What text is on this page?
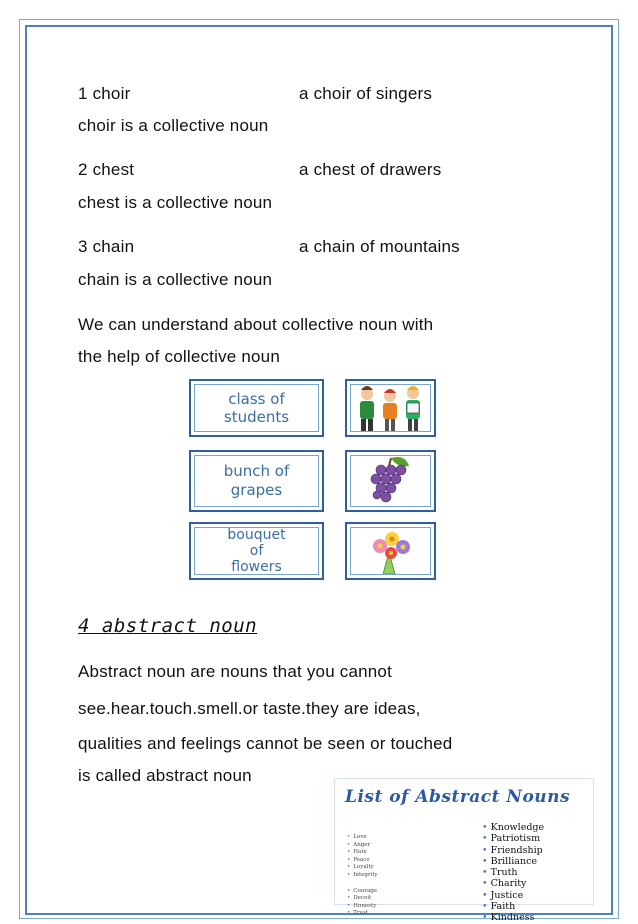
1 choir	a choir of singers
choir is a collective noun
2 chest	a chest of drawers
chest is a collective noun
3 chain	a chain of mountains
chain is a collective noun
We can understand about collective noun with
the help of collective noun
class of
students
bunch of
grapes
bouquet
of
flowers
4 abstract noun
Abstract noun are nouns that you cannot
see.hear.touch.smell.or taste.they are ideas,
qualities and feelings cannot be seen or touched
is called abstract noun
List of Abstract Nouns
• Knowledge
• Patriotism
• Friendship
• Brilliance
• Truth
• Charity
• Justice
• Faith
• Kindness
• Love
• Anger
• Hate
• Peace
• Loyalty
• Integrity
• Courage
• Deceit
• Honesty
• Trust
